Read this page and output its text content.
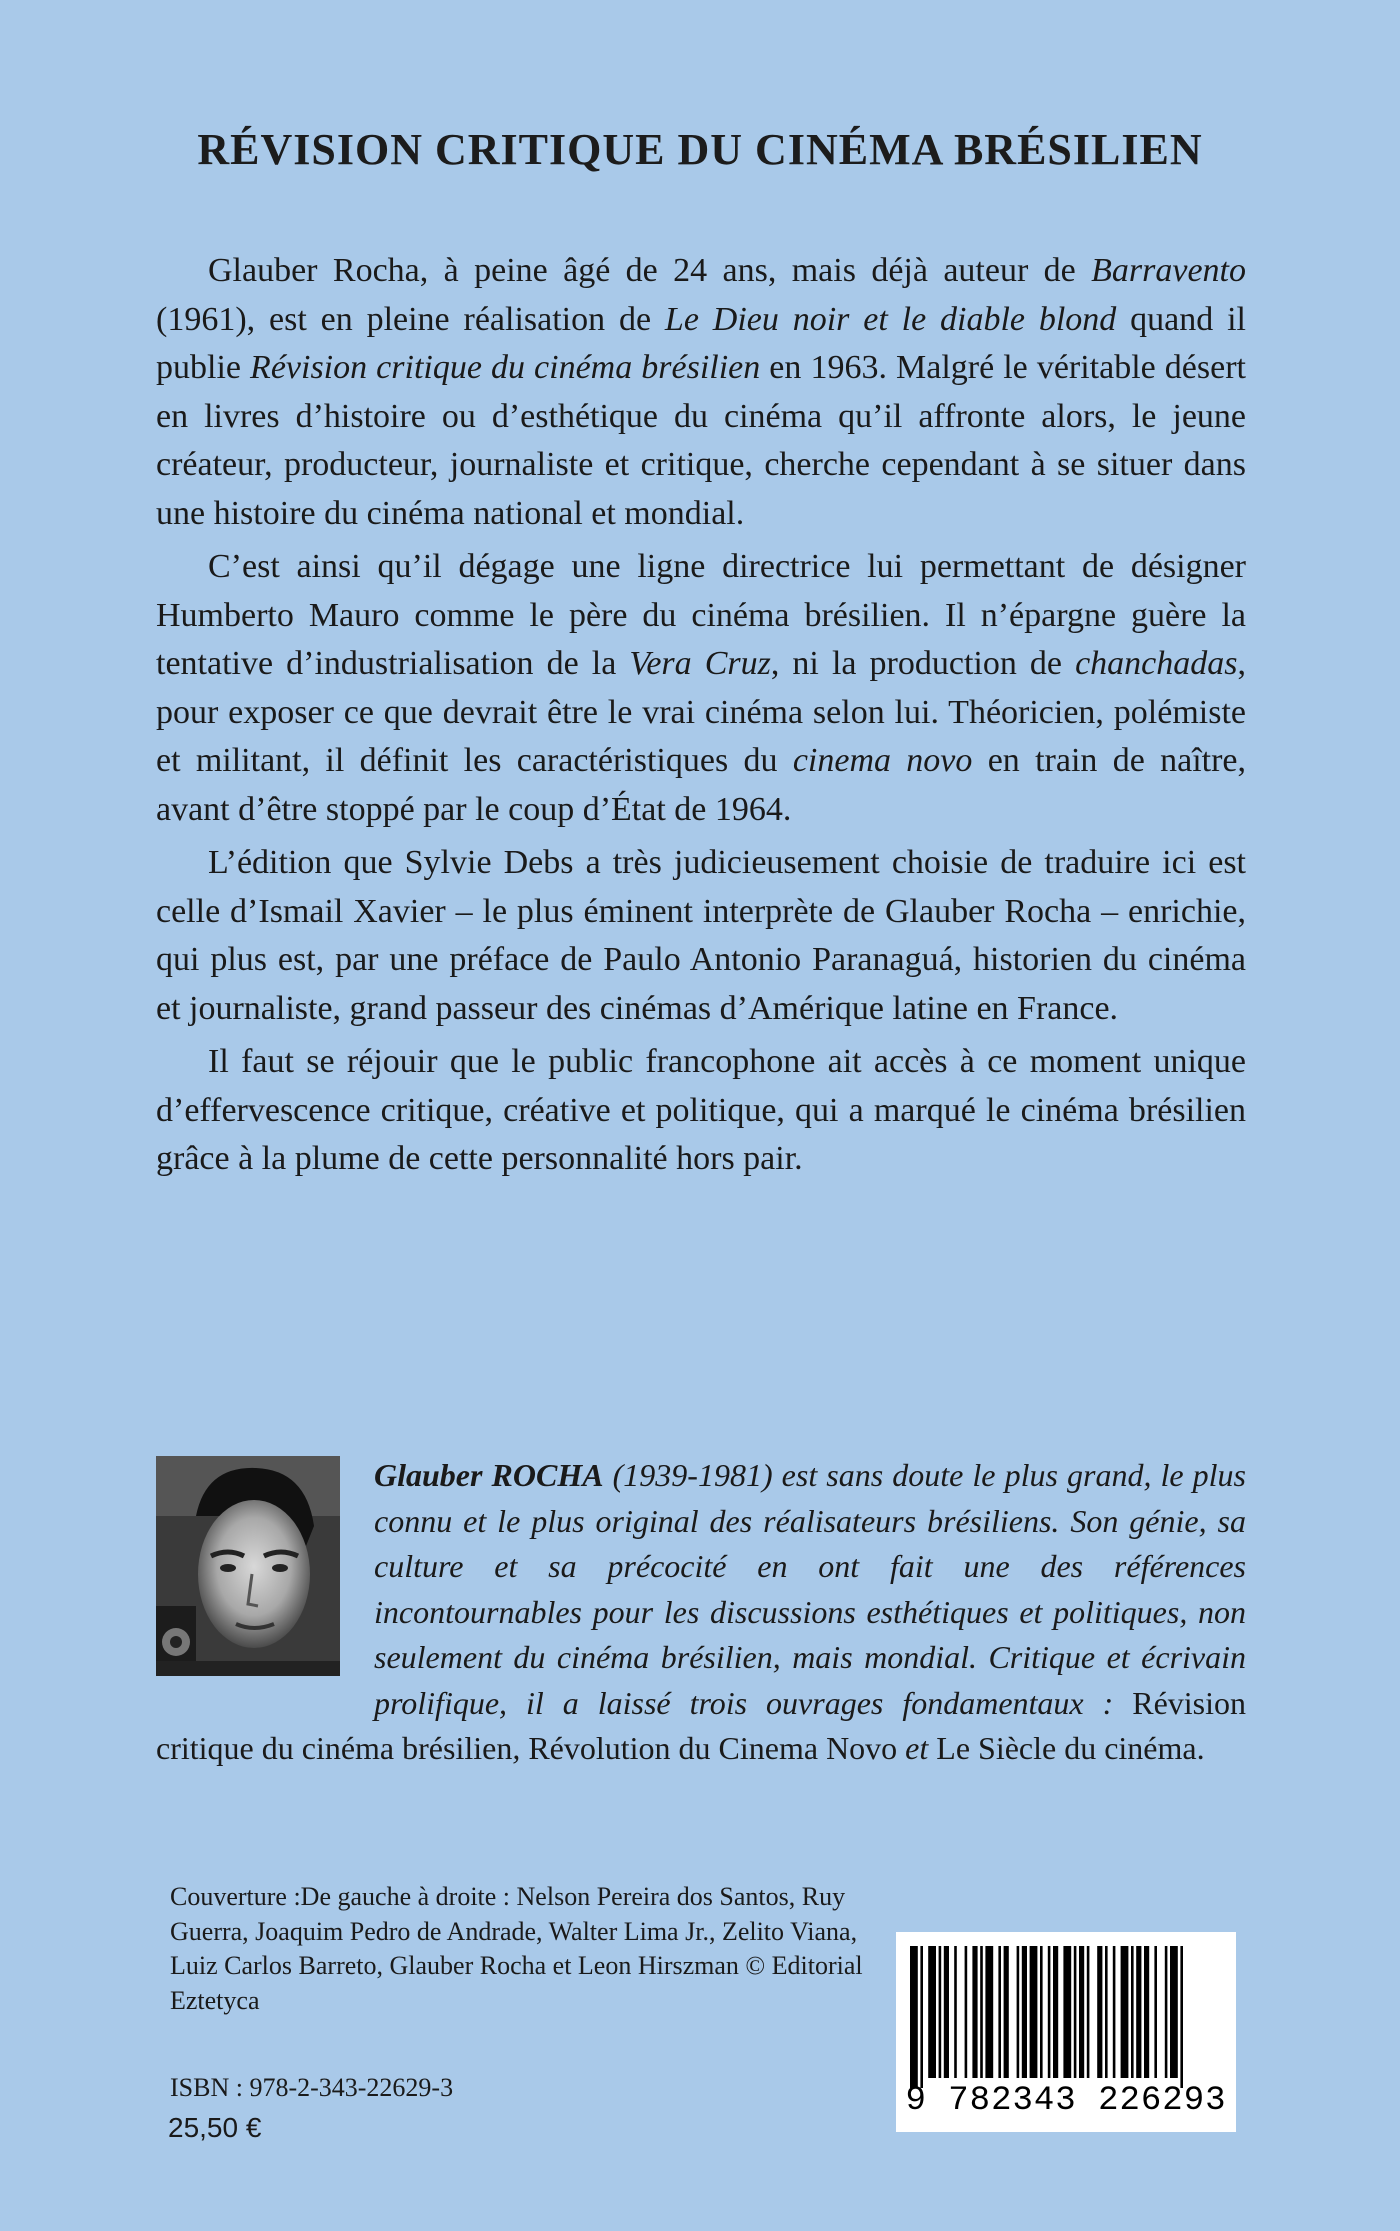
RÉVISION CRITIQUE DU CINÉMA BRÉSILIEN

Glauber Rocha, à peine âgé de 24 ans, mais déjà auteur de Barravento (1961), est en pleine réalisation de Le Dieu noir et le diable blond quand il publie Révision critique du cinéma brésilien en 1963. Malgré le véritable désert en livres d’histoire ou d’esthétique du cinéma qu’il affronte alors, le jeune créateur, producteur, journaliste et critique, cherche cependant à se situer dans une histoire du cinéma national et mondial.

C’est ainsi qu’il dégage une ligne directrice lui permettant de désigner Humberto Mauro comme le père du cinéma brésilien. Il n’épargne guère la tentative d’industrialisation de la Vera Cruz, ni la production de chanchadas, pour exposer ce que devrait être le vrai cinéma selon lui. Théoricien, polémiste et militant, il définit les caractéristiques du cinema novo en train de naître, avant d’être stoppé par le coup d’État de 1964.

L’édition que Sylvie Debs a très judicieusement choisie de traduire ici est celle d’Ismail Xavier – le plus éminent interprète de Glauber Rocha – enrichie, qui plus est, par une préface de Paulo Antonio Paranaguá, historien du cinéma et journaliste, grand passeur des cinémas d’Amérique latine en France.

Il faut se réjouir que le public francophone ait accès à ce moment unique d’effervescence critique, créative et politique, qui a marqué le cinéma brésilien grâce à la plume de cette personnalité hors pair.

Glauber ROCHA (1939-1981) est sans doute le plus grand, le plus connu et le plus original des réalisateurs brésiliens. Son génie, sa culture et sa précocité en ont fait une des références incontournables pour les discussions esthétiques et politiques, non seulement du cinéma brésilien, mais mondial. Critique et écrivain prolifique, il a laissé trois ouvrages fondamentaux : Révision critique du cinéma brésilien, Révolution du Cinema Novo et Le Siècle du cinéma.
Couverture :De gauche à droite : Nelson Pereira dos Santos, Ruy Guerra, Joaquim Pedro de Andrade, Walter Lima Jr., Zelito Viana, Luiz Carlos Barreto, Glauber Rocha et Leon Hirszman © Editorial Eztetyca
ISBN : 978-2-343-22629-3
25,50 €
9 782343 226293
